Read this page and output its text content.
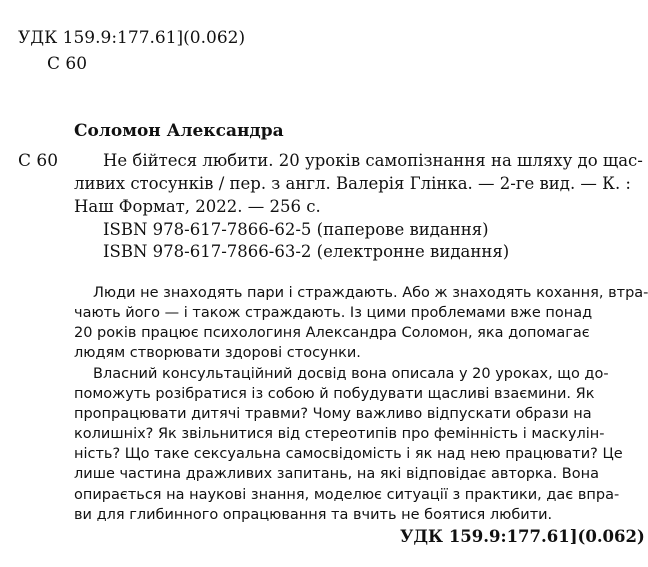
УДК 159.9:177.61](0.062)
С 60
Соломон Александра
С 60	Не бійтеся любити. 20 уроків самопізнання на шляху до щас-
ливих стосунків / пер. з англ. Валерія Глінка. — 2-ге вид. — К. :
Наш Формат, 2022. — 256 с.
ISBN 978-617-7866-62-5 (паперове видання)
ISBN 978-617-7866-63-2 (електронне видання)
Люди не знаходять пари і страждають. Або ж знаходять кохання, втра-
чають його — і також страждають. Із цими проблемами вже понад
20 років працює психологиня Александра Соломон, яка допомагає
людям створювати здорові стосунки.
Власний консультаційний досвід вона описала у 20 уроках, що до-
поможуть розібратися із собою й побудувати щасливі взаємини. Як
пропрацювати дитячі травми? Чому важливо відпускати образи на
колишніх? Як звільнитися від стереотипів про фемінність і маскулін-
ність? Що таке сексуальна самосвідомість і як над нею працювати? Це
лише частина дражливих запитань, на які відповідає авторка. Вона
опирається на наукові знання, моделює ситуації з практики, дає впра-
ви для глибинного опрацювання та вчить не боятися любити.
УДК 159.9:177.61](0.062)
